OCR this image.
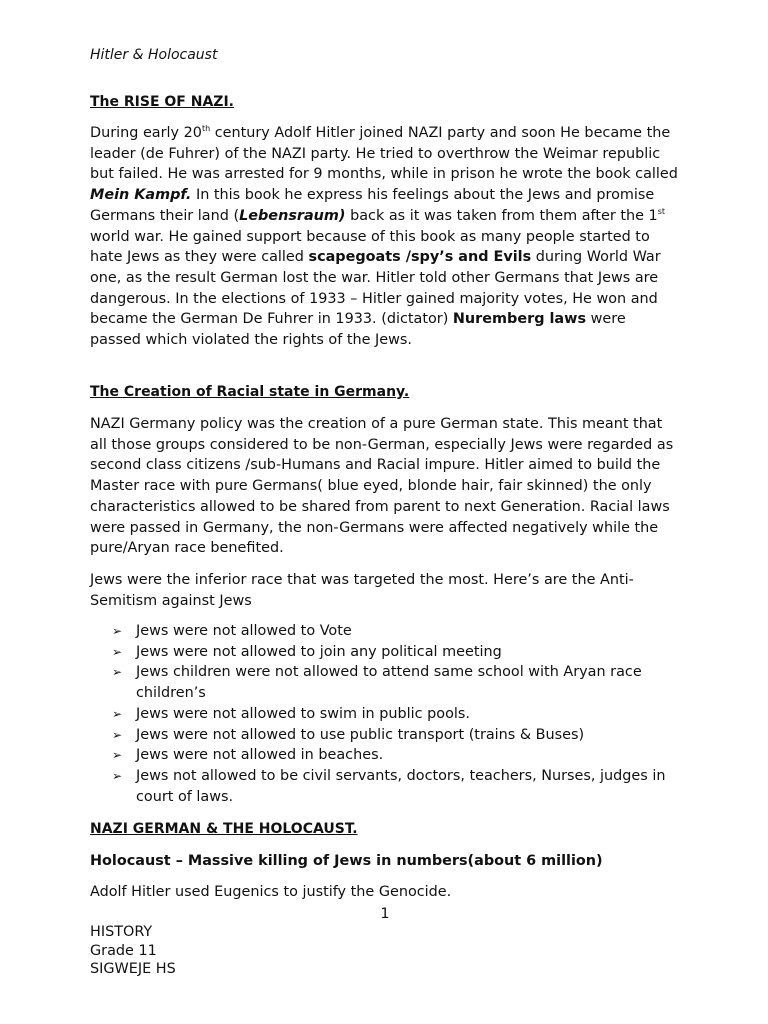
Hitler & Holocaust
The RISE OF NAZI.

During early 20th century Adolf Hitler joined NAZI party and soon He became the leader (de Fuhrer) of the NAZI party. He tried to overthrow the Weimar republic but failed. He was arrested for 9 months, while in prison he wrote the book called Mein Kampf. In this book he express his feelings about the Jews and promise Germans their land (Lebensraum) back as it was taken from them after the 1st world war. He gained support because of this book as many people started to hate Jews as they were called scapegoats /spy’s and Evils during World War one, as the result German lost the war. Hitler told other Germans that Jews are dangerous. In the elections of 1933 – Hitler gained majority votes, He won and became the German De Fuhrer in 1933. (dictator) Nuremberg laws were passed which violated the rights of the Jews.

The Creation of Racial state in Germany.

NAZI Germany policy was the creation of a pure German state. This meant that all those groups considered to be non-German, especially Jews were regarded as second class citizens /sub-Humans and Racial impure. Hitler aimed to build the Master race with pure Germans( blue eyed, blonde hair, fair skinned) the only characteristics allowed to be shared from parent to next Generation. Racial laws were passed in Germany, the non-Germans were affected negatively while the pure/Aryan race benefited.

Jews were the inferior race that was targeted the most. Here’s are the Anti-Semitism against Jews

➢ Jews were not allowed to Vote
➢ Jews were not allowed to join any political meeting
➢ Jews children were not allowed to attend same school with Aryan race children’s
➢ Jews were not allowed to swim in public pools.
➢ Jews were not allowed to use public transport (trains & Buses)
➢ Jews were not allowed in beaches.
➢ Jews not allowed to be civil servants, doctors, teachers, Nurses, judges in court of laws.
NAZI GERMAN & THE HOLOCAUST.
Holocaust – Massive killing of Jews in numbers(about 6 million)

Adolf Hitler used Eugenics to justify the Genocide.

1
HISTORY
Grade 11
SIGWEJE HS
